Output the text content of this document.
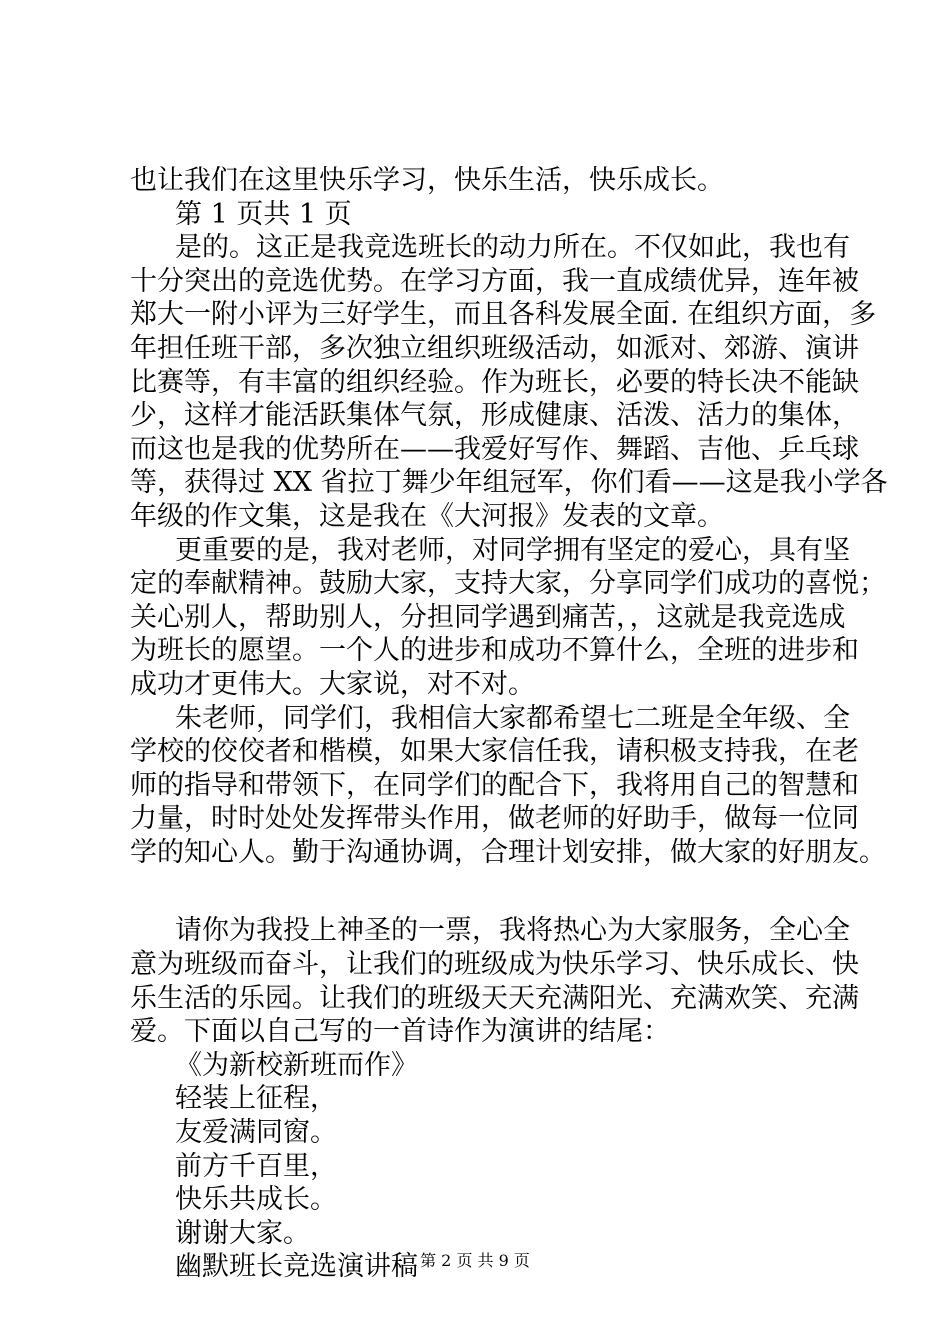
也让我们在这里快乐学习，快乐生活，快乐成长。
第 1 页共 1 页
是的。这正是我竞选班长的动力所在。不仅如此，我也有
十分突出的竞选优势。在学习方面，我一直成绩优异，连年被
郑大一附小评为三好学生，而且各科发展全面. 在组织方面，多
年担任班干部，多次独立组织班级活动，如派对、郊游、演讲
比赛等，有丰富的组织经验。作为班长，必要的特长决不能缺
少，这样才能活跃集体气氛，形成健康、活泼、活力的集体，
而这也是我的优势所在——我爱好写作、舞蹈、吉他、乒乓球
等，获得过 XX 省拉丁舞少年组冠军，你们看——这是我小学各
年级的作文集，这是我在《大河报》发表的文章。
更重要的是，我对老师，对同学拥有坚定的爱心，具有坚
定的奉献精神。鼓励大家，支持大家，分享同学们成功的喜悦；
关心别人，帮助别人，分担同学遇到痛苦，，这就是我竞选成
为班长的愿望。一个人的进步和成功不算什么，全班的进步和
成功才更伟大。大家说，对不对。
朱老师，同学们，我相信大家都希望七二班是全年级、全
学校的佼佼者和楷模，如果大家信任我，请积极支持我，在老
师的指导和带领下，在同学们的配合下，我将用自己的智慧和
力量，时时处处发挥带头作用，做老师的好助手，做每一位同
学的知心人。勤于沟通协调，合理计划安排，做大家的好朋友。
请你为我投上神圣的一票，我将热心为大家服务，全心全
意为班级而奋斗，让我们的班级成为快乐学习、快乐成长、快
乐生活的乐园。让我们的班级天天充满阳光、充满欢笑、充满
爱。下面以自己写的一首诗作为演讲的结尾：
《为新校新班而作》
轻装上征程，
友爱满同窗。
前方千百里，
快乐共成长。
谢谢大家。
幽默班长竞选演讲稿 第 2 页 共 9 页
